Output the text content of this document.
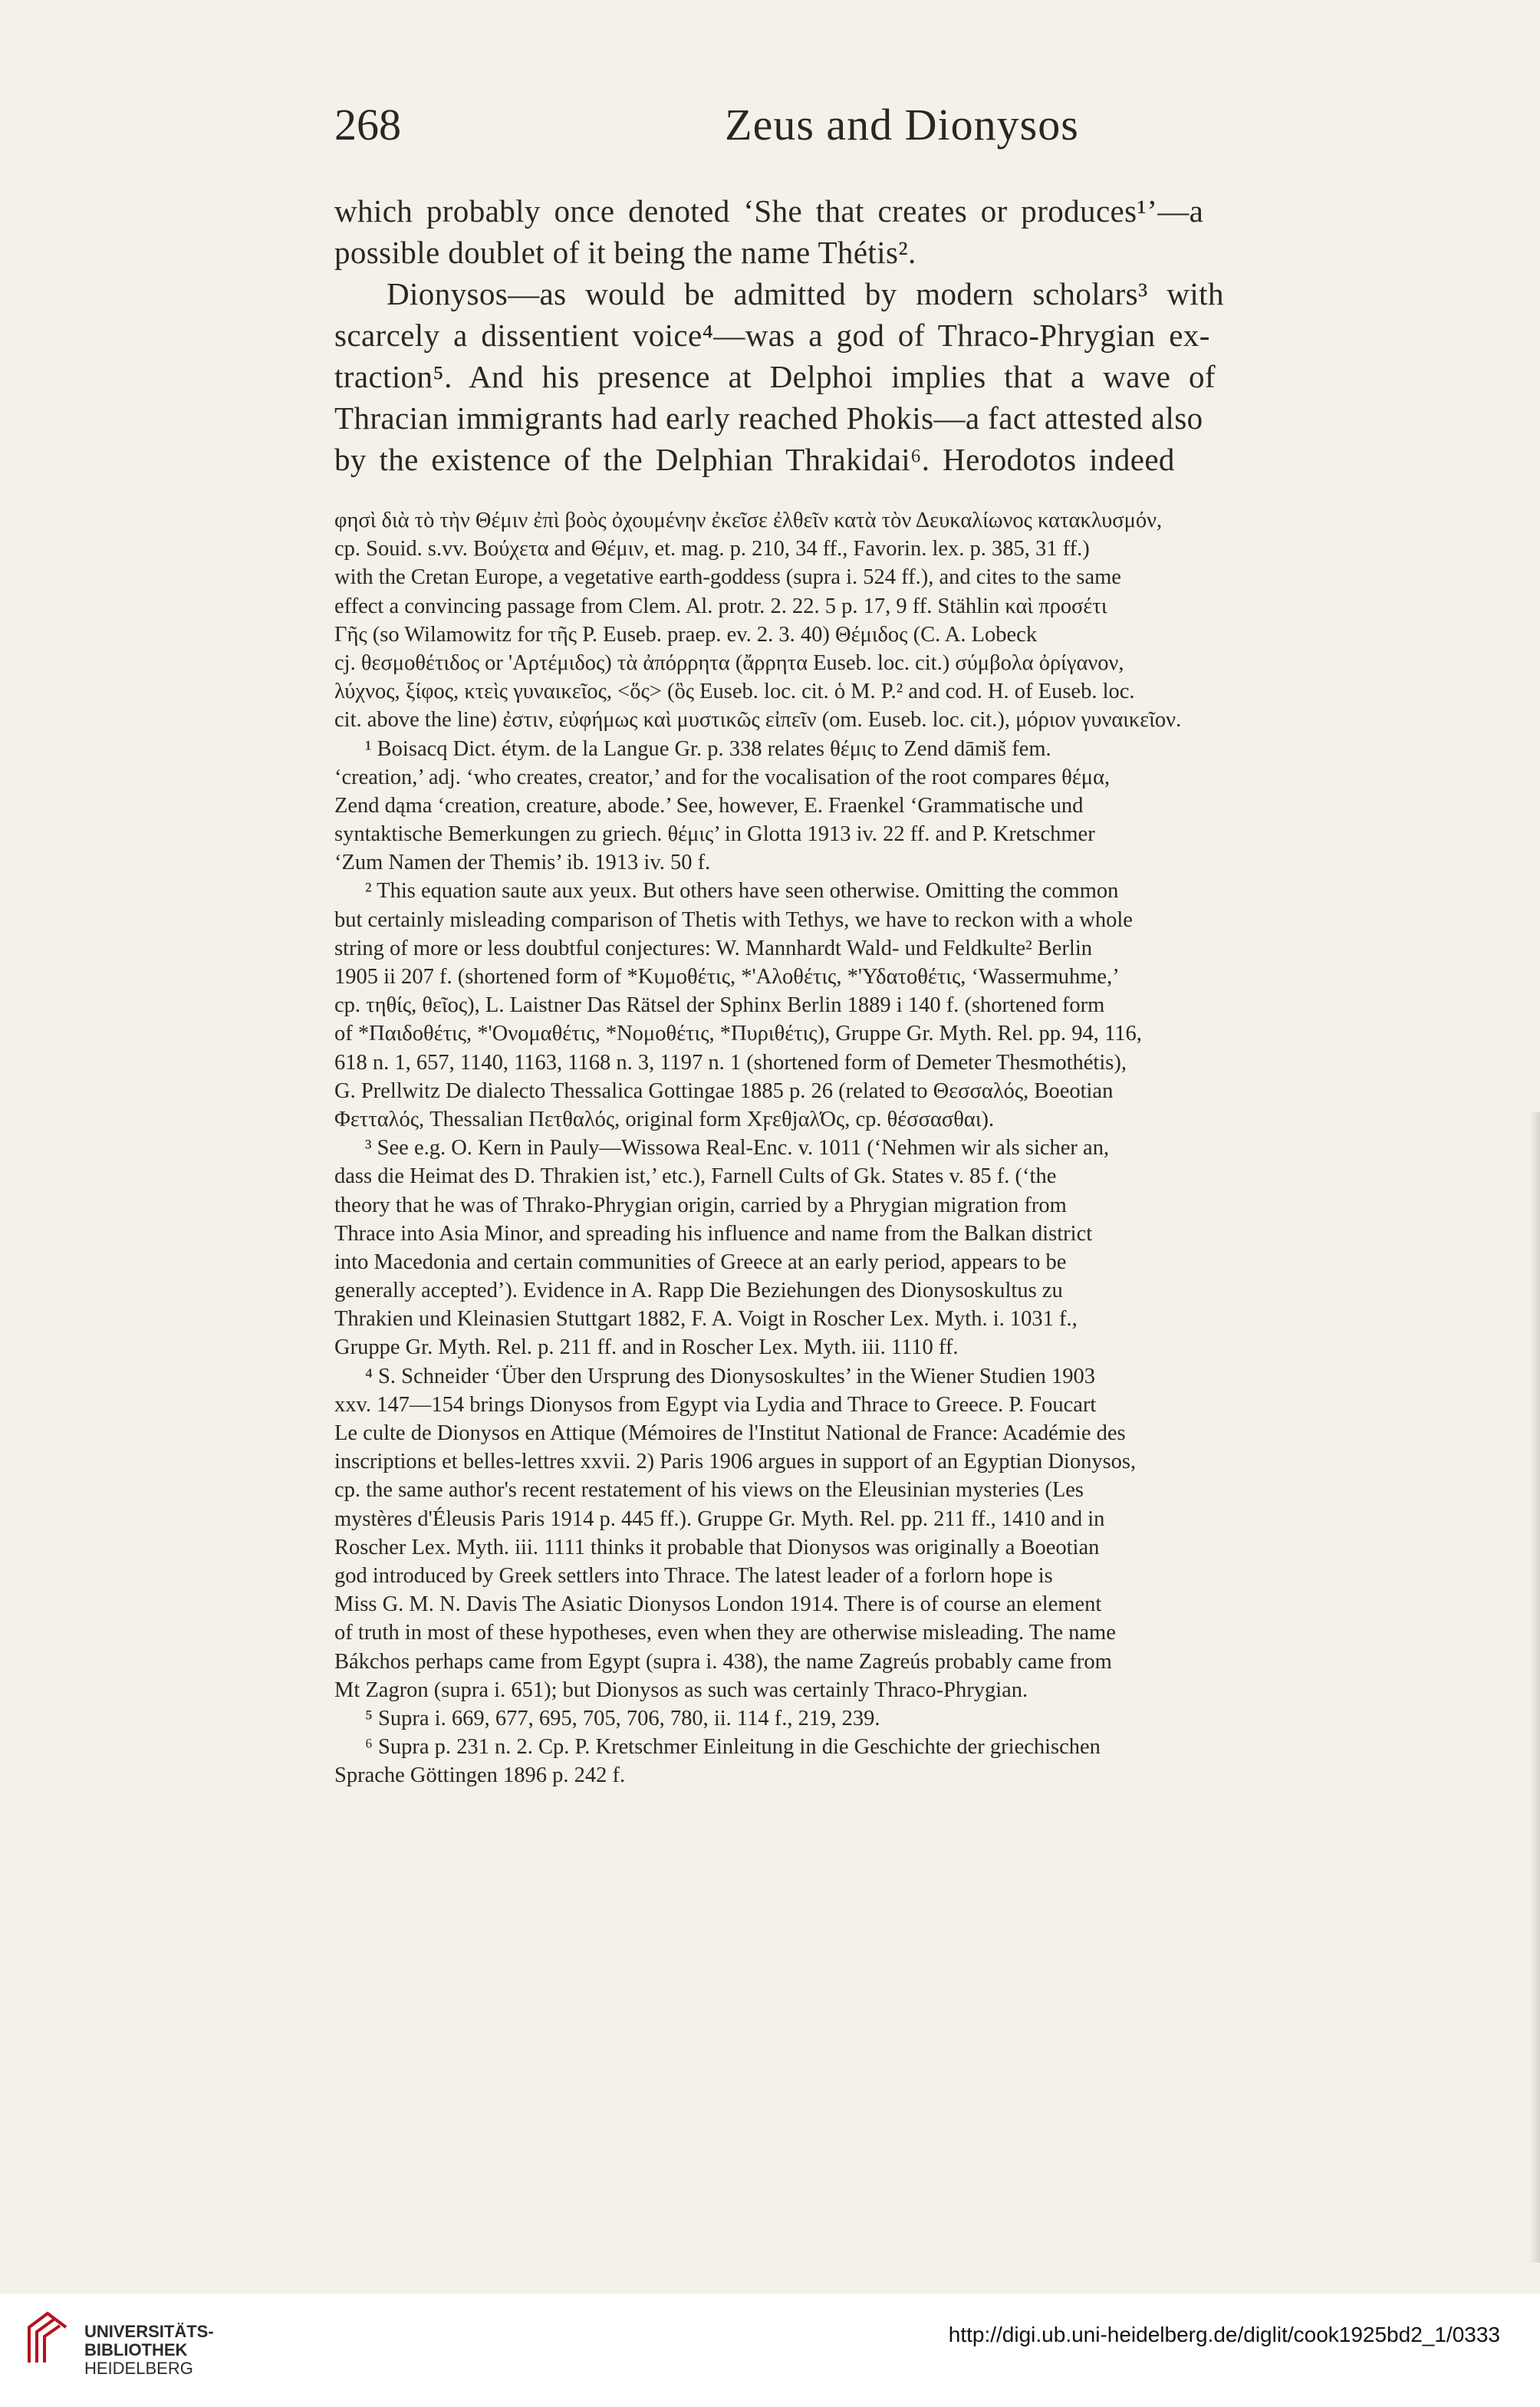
268	Zeus and Dionysos
which probably once denoted ‘She that creates or produces¹’—a
possible doublet of it being the name Thétis².
Dionysos—as would be admitted by modern scholars³ with
scarcely a dissentient voice⁴—was a god of Thraco-Phrygian ex-
traction⁵. And his presence at Delphoi implies that a wave of
Thracian immigrants had early reached Phokis—a fact attested also
by the existence of the Delphian Thrakidai⁶. Herodotos indeed
φησὶ διὰ τὸ τὴν Θέμιν ἐπὶ βοὸς ὀχουμένην ἐκεῖσε ἐλθεῖν κατὰ τὸν Δευκαλίωνος κατακλυσμόν,
cp. Souid. s.vv. Βούχετα and Θέμιν, et. mag. p. 210, 34 ff., Favorin. lex. p. 385, 31 ff.)
with the Cretan Europe, a vegetative earth-goddess (supra i. 524 ff.), and cites to the same
effect a convincing passage from Clem. Al. protr. 2. 22. 5 p. 17, 9 ff. Stählin καὶ προσέτι
Γῆς (so Wilamowitz for τῆς P. Euseb. praep. ev. 2. 3. 40) Θέμιδος (C. A. Lobeck
cj. θεσμοθέτιδος or 'Αρτέμιδος) τὰ ἀπόρρητα (ἄρρητα Euseb. loc. cit.) σύμβολα ὀρίγανον,
λύχνος, ξίφος, κτεὶς γυναικεῖος, <ὅς> (ὃς Euseb. loc. cit. ὁ M. P.² and cod. H. of Euseb. loc.
cit. above the line) ἐστιν, εὐφήμως καὶ μυστικῶς εἰπεῖν (om. Euseb. loc. cit.), μόριον γυναικεῖον.
¹ Boisacq Dict. étym. de la Langue Gr. p. 338 relates θέμις to Zend dāmiš fem.
‘creation,’ adj. ‘who creates, creator,’ and for the vocalisation of the root compares θέμα,
Zend dąma ‘creation, creature, abode.’ See, however, E. Fraenkel ‘Grammatische und
syntaktische Bemerkungen zu griech. θέμις’ in Glotta 1913 iv. 22 ff. and P. Kretschmer
‘Zum Namen der Themis’ ib. 1913 iv. 50 f.
² This equation saute aux yeux. But others have seen otherwise. Omitting the common
but certainly misleading comparison of Thetis with Tethys, we have to reckon with a whole
string of more or less doubtful conjectures: W. Mannhardt Wald- und Feldkulte² Berlin
1905 ii 207 f. (shortened form of *Κυμοθέτις, *'Αλοθέτις, *'Υδατοθέτις, ‘Wassermuhme,’
cp. τηθίς, θεῖος), L. Laistner Das Rätsel der Sphinx Berlin 1889 i 140 f. (shortened form
of *Παιδοθέτις, *'Ονομαθέτις, *Νομοθέτις, *Πυριθέτις), Gruppe Gr. Myth. Rel. pp. 94, 116,
618 n. 1, 657, 1140, 1163, 1168 n. 3, 1197 n. 1 (shortened form of Demeter Thesmothétis),
G. Prellwitz De dialecto Thessalica Gottingae 1885 p. 26 (related to Θεσσαλός, Boeotian
Φετταλός, Thessalian Πετθαλός, original form ΧϝεθϳαλΌς, cp. θέσσασθαι).
³ See e.g. O. Kern in Pauly—Wissowa Real-Enc. v. 1011 (‘Nehmen wir als sicher an,
dass die Heimat des D. Thrakien ist,’ etc.), Farnell Cults of Gk. States v. 85 f. (‘the
theory that he was of Thrako-Phrygian origin, carried by a Phrygian migration from
Thrace into Asia Minor, and spreading his influence and name from the Balkan district
into Macedonia and certain communities of Greece at an early period, appears to be
generally accepted’). Evidence in A. Rapp Die Beziehungen des Dionysoskultus zu
Thrakien und Kleinasien Stuttgart 1882, F. A. Voigt in Roscher Lex. Myth. i. 1031 f.,
Gruppe Gr. Myth. Rel. p. 211 ff. and in Roscher Lex. Myth. iii. 1110 ff.
⁴ S. Schneider ‘Über den Ursprung des Dionysoskultes’ in the Wiener Studien 1903
xxv. 147—154 brings Dionysos from Egypt via Lydia and Thrace to Greece. P. Foucart
Le culte de Dionysos en Attique (Mémoires de l'Institut National de France: Académie des
inscriptions et belles-lettres xxvii. 2) Paris 1906 argues in support of an Egyptian Dionysos,
cp. the same author's recent restatement of his views on the Eleusinian mysteries (Les
mystères d'Éleusis Paris 1914 p. 445 ff.). Gruppe Gr. Myth. Rel. pp. 211 ff., 1410 and in
Roscher Lex. Myth. iii. 1111 thinks it probable that Dionysos was originally a Boeotian
god introduced by Greek settlers into Thrace. The latest leader of a forlorn hope is
Miss G. M. N. Davis The Asiatic Dionysos London 1914. There is of course an element
of truth in most of these hypotheses, even when they are otherwise misleading. The name
Bákchos perhaps came from Egypt (supra i. 438), the name Zagreús probably came from
Mt Zagron (supra i. 651); but Dionysos as such was certainly Thraco-Phrygian.
⁵ Supra i. 669, 677, 695, 705, 706, 780, ii. 114 f., 219, 239.
⁶ Supra p. 231 n. 2. Cp. P. Kretschmer Einleitung in die Geschichte der griechischen
Sprache Göttingen 1896 p. 242 f.
UNIVERSITÄTS-
BIBLIOTHEK
HEIDELBERG
http://digi.ub.uni-heidelberg.de/diglit/cook1925bd2_1/0333
